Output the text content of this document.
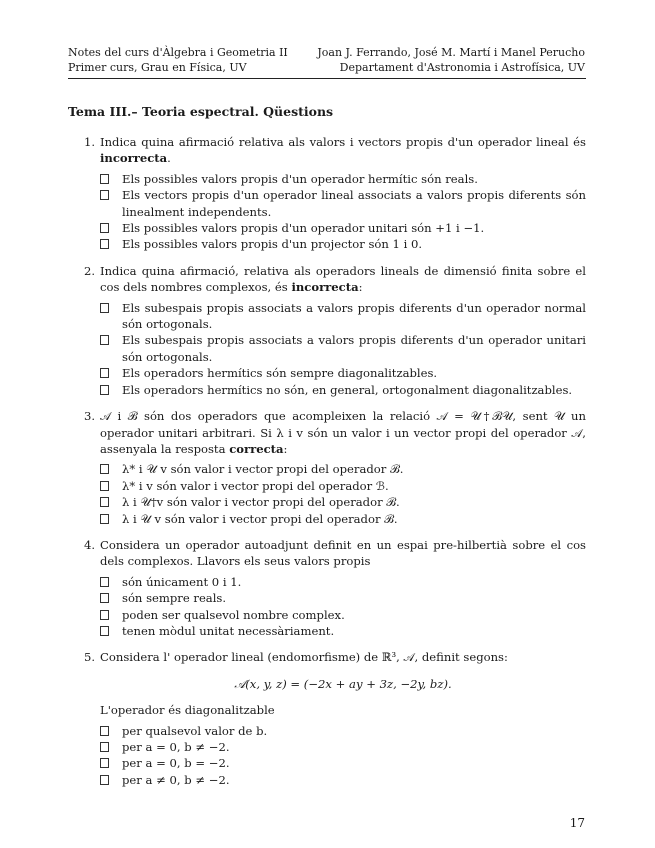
Notes del curs d'Àlgebra i Geometria II
Primer curs, Grau en Física, UV
Joan J. Ferrando, José M. Martí i Manel Perucho
Departament d'Astronomia i Astrofísica, UV
Tema III.– Teoria espectral. Qüestions
1. Indica quina afirmació relativa als valors i vectors propis d'un operador lineal és incorrecta.
Els possibles valors propis d'un operador hermític són reals.
Els vectors propis d'un operador lineal associats a valors propis diferents són linealment independents.
Els possibles valors propis d'un operador unitari són +1 i −1.
Els possibles valors propis d'un projector són 1 i 0.
2. Indica quina afirmació, relativa als operadors lineals de dimensió finita sobre el cos dels nombres complexos, és incorrecta:
Els subespais propis associats a valors propis diferents d'un operador normal són ortogonals.
Els subespais propis associats a valors propis diferents d'un operador unitari són ortogonals.
Els operadors hermítics són sempre diagonalitzables.
Els operadors hermítics no són, en general, ortogonalment diagonalitzables.
3. 𝒜 i ℬ són dos operadors que acompleixen la relació 𝒜 = 𝒰†ℬ𝒰, sent 𝒰 un operador unitari arbitrari. Si λ i v són un valor i un vector propi del operador 𝒜, assenyala la resposta correcta:
λ* i 𝒰 v són valor i vector propi del operador ℬ.
λ* i v són valor i vector propi del operador ℬ.
λ i 𝒰†v són valor i vector propi del operador ℬ.
λ i 𝒰 v són valor i vector propi del operador ℬ.
4. Considera un operador autoadjunt definit en un espai pre-hilbertià sobre el cos dels complexos. Llavors els seus valors propis
són únicament 0 i 1.
són sempre reals.
poden ser qualsevol nombre complex.
tenen mòdul unitat necessàriament.
5. Considera l' operador lineal (endomorfisme) de ℝ³, 𝒜, definit segons:
𝒜(x, y, z) = (−2x + ay + 3z, −2y, bz).
L'operador és diagonalitzable
per qualsevol valor de b.
per a = 0, b ≠ −2.
per a = 0, b = −2.
per a ≠ 0, b ≠ −2.
17
